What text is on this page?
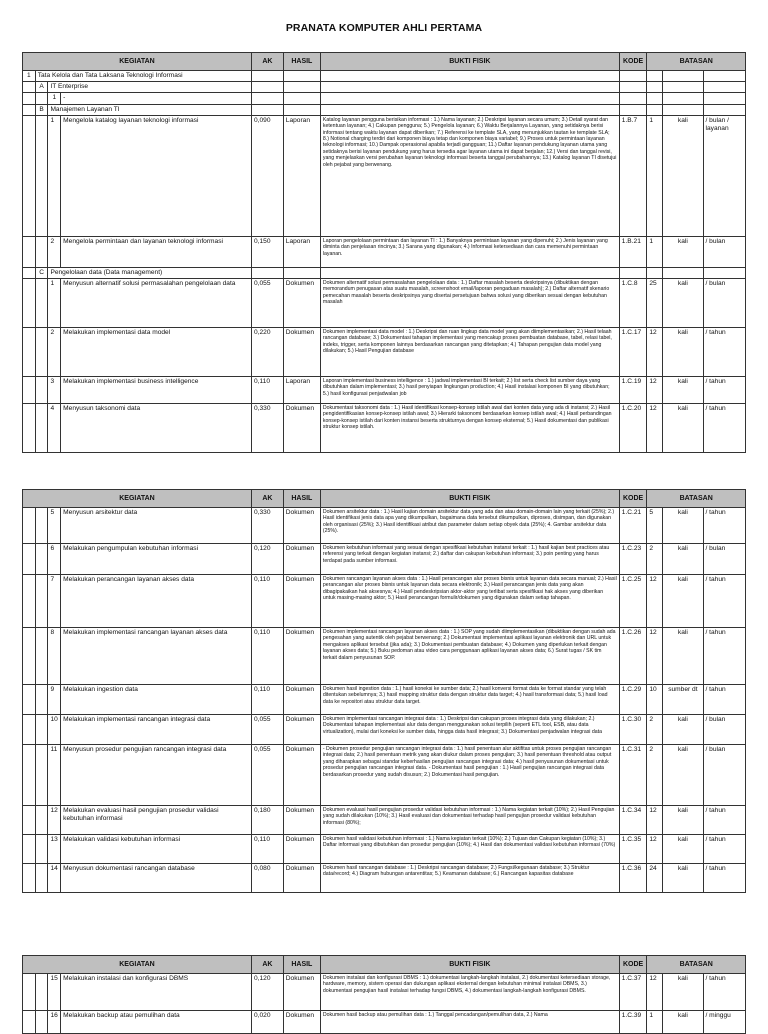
PRANATA KOMPUTER AHLI PERTAMA
KEGIATAN				AK	HASIL	BUKTI FISIK	KODE	BATASAN		
1	Tata Kelola dan Tata Laksana Teknologi Informasi									
	A	IT Enterprise								
		1	-							
	B	Manajemen Layanan TI								
		1	Mengelola katalog layanan teknologi informasi	0,090	Laporan	Katalog layanan pengguna berisikan informasi : 1.) Nama layanan; 2.) Deskripsi layanan secara umum; 3.) Detail syarat dan ketentuan layanan; 4.) Cakupan pengguna; 5.) Pengelola layanan; 6.) Waktu Berjalannya Layanan, yang setidaknya berisi informasi tentang waktu layanan dapat diberikan; 7.) Referensi ke template SLA, yang menunjukkan tautan ke template SLA; 8.) Notional charging terdiri dari komponen biaya tetap dan komponen biaya variabel; 9.) Proses untuk permintaan layanan teknologi informasi; 10.) Dampak operasional apabila terjadi gangguan; 11.) Daftar layanan pendukung layanan utama yang setidaknya berisi layanan pendukung yang harus tersedia agar layanan utama ini dapat berjalan; 12.) Versi dan tanggal revisi, yang menjelaskan versi perubahan layanan teknologi informasi beserta tanggal perubahannya; 13.) Katalog layanan TI disetujui oleh pejabat yang berwenang.	1.B.7	1	kali	/ bulan / layanan
		2	Mengelola permintaan dan layanan teknologi informasi	0,150	Laporan	Laporan pengelolaan permintaan dan layanan TI : 1.) Banyaknya permintaan layanan yang dipenuhi; 2.) Jenis layanan yang diminta dan penjelasan rincinya; 3.) Sarana yang digunakan; 4.) Informasi ketersediaan dan cara memenuhi permintaan layanan.	1.B.21	1	kali	/ bulan
	C	Pengelolaan data (Data management)								
		1	Menyusun alternatif solusi permasalahan pengelolaan data	0,055	Dokumen	Dokumen alternatif solusi permasalahan pengelolaan data : 1.) Daftar masalah beserta deskripsinya (dibuktikan dengan memorandum penugasan atas suatu masalah, screenshoot email/laporan pengaduan masalah); 2.) Daftar alternatif skenario pemecahan masalah beserta deskripsinya yang disertai persetujuan bahwa solusi yang diberikan sesuai dengan kebutuhan masalah	1.C.8	25	kali	/ bulan
		2	Melakukan implementasi data model	0,220	Dokumen	Dokumen implementasi data model : 1.) Deskripsi dan ruan lingkup data model yang akan diimplementasikan; 2.) Hasil telaah rancangan database; 3.) Dokumentasi tahapan implementasi yang mencakup proses pembuatan database, tabel, relasi tabel, indeks, trigger, serta komponen lainnya berdasarkan rancangan yang ditetapkan; 4.) Tahapan pengujian data model yang dilakukan; 5.) Hasil Pengujian database	1.C.17	12	kali	/ tahun
		3	Melakukan implementasi business intelligence	0,110	Laporan	Laporan implementasi business intelligence : 1.) jadwal implementasi BI terkait; 2.) list serta check list sumber daya yang dibutuhkan dalam implementasi; 3.) hasil penyiapan lingkungan production; 4.) Hasil instalasi komponen BI yang dibutuhkan; 5.) hasil konfigurasi penjadwalan job	1.C.19	12	kali	/ tahun
		4	Menyusun taksonomi data	0,330	Dokumen	Dokumentasi taksonomi data : 1.) Hasil identifikasi konsep-konsep istilah awal dari konten data yang ada di instansi; 2.) Hasil pengidentifikasian konsep-konsep istilah awal; 3.) Hierarki taksonomi berdasarkan konsep istilah awal; 4.) Hasil perbandingan konsep-konsep istilah dari konten instansi beserta strukturnya dengan konsep eksternal; 5.) Hasil dokumentasi dan publikasi struktur konsep istilah.	1.C.20	12	kali	/ tahun
KEGIATAN				AK	HASIL	BUKTI FISIK	KODE	BATASAN		
		5	Menyusun arsitektur data	0,330	Dokumen	Dokumen arsitektur data : 1.) Hasil kajian domain arsitektur data yang ada dan atau domain-domain lain yang terkait (25%); 2.) Hasil identifikasi jenis data apa yang dikumpulkan, bagaimana data tersebut dikumpulkan, diproses, disimpan, dan digunakan oleh organisasi (25%); 3.) Hasil identifikasi atribut dan parameter dalam setiap obyek data (25%); 4. Gambar arsitektur data (25%).	1.C.21	5	kali	/ tahun
		6	Melakukan pengumpulan kebutuhan informasi	0,120	Dokumen	Dokumen kebutuhan informasi yang sesuai dengan spesifikasi kebutuhan instansi terkait : 1.) hasil kajian best practices atau referensi yang terkait dengan kegiatan instansi; 2.) daftar dan cakupan kebutuhan informasi; 3.) poin penting yang harus terdapat pada sumber informasi.	1.C.23	2	kali	/ bulan
		7	Melakukan perancangan layanan akses data	0,110	Dokumen	Dokumen rancangan layanan akses data : 1.) Hasil perancangan alur proses bisnis untuk layanan data secara manual; 2.) Hasil perancangan alur proses bisnis untuk layanan data secara elektronik; 3.) Hasil perancangan jenis data yang akan dibagipakaikan hak aksesnya; 4.) Hasil pendeskripsian aktor-aktor yang terlibat serta spesifikasi hak akses yang diberikan untuk masing-masing aktor; 5.) Hasil perancangan formulir/dokumen yang digunakan dalam setiap tahapan.	1.C.25	12	kali	/ tahun
		8	Melakukan implementasi rancangan layanan akses data	0,110	Dokumen	Dokumen implementasi rancangan layanan akses data : 1.) SOP yang sudah diimplementasikan (dibuktikan dengan sudah ada pengesahan yang autentik oleh pejabat berwenang; 2.) Dokumentasi implementasi aplikasi layanan elektronik dan URL untuk mengakses aplikasi tersebut (jika ada); 3.) Dokumentasi pembuatan database; 4.) Dokumen yang diperlukan terkait dengan layanan akses data; 5.) Buku pedoman atau video cara penggunaan aplikasi layanan akses data; 6.) Surat tugas / SK tim terkait dalam penyusunan SOP.	1.C.26	12	kali	/ tahun
		9	Melakukan ingestion data	0,110	Dokumen	Dokumen hasil ingestion data : 1.) hasil koneksi ke sumber data; 2.) hasil konversi format data ke format standar yang telah ditentukan sebelumnya; 3.) hasil mapping struktur data dengan struktur data target; 4.) hasil transformasi data; 5.) hasil load data ke repositori atau struktur data target.	1.C.29	10	sumber dt	/ tahun
		10	Melakukan implementasi rancangan integrasi data	0,055	Dokumen	Dokumen implementasi rancangan integrasi data : 1.) Deskripsi dan cakupan proses integrasi data yang dilakukan; 2.) Dokumentasi tahapan implementasi alur data dengan menggunakan solusi terpilih (seperti ETL tool, ESB, atau data virtualization), mulai dari koneksi ke sumber data, hingga data hasil integrasi; 3.) Dokumentasi penjadwalan integrasi data	1.C.30	2	kali	/ bulan
		11	Menyusun prosedur pengujian rancangan integrasi data	0,055	Dokumen	- Dokumen prosedur pengujian rancangan integrasi data : 1.) hasil penentuan alur aktifitas untuk proses pengujian rancangan integrasi data; 2.) hasil penentuan metrik yang akan diukur dalam proses pengujian; 3.) hasil penentuan threshold atau output yang diharapkan sebagai standar keberhasilan pengujian rancangan integrasi data; 4.) hasil penyusunan dokumentasi untuk prosedur pengujian rancangan integrasi data. - Dokumentasi hasil pengujian : 1.) Hasil pengujian rancangan integrasi data berdasarkan prosedur yang sudah disusun; 2.) Dokumentasi hasil pengujian.	1.C.31	2	kali	/ bulan
		12	Melakukan evaluasi hasil pengujian prosedur validasi kebutuhan informasi	0,180	Dokumen	Dokumen evaluasi hasil pengujian prosedur validasi kebutuhan informasi : 1.) Nama kegiatan terkait (10%); 2.) Hasil Pengujian yang sudah dilakukan (10%); 3.) Hasil evaluasi dan dokumentasi terhadap hasil pengujian prosedur validasi kebutuhan informasi (80%);	1.C.34	12	kali	/ tahun
		13	Melakukan validasi kebutuhan informasi	0,110	Dokumen	Dokumen hasil validasi kebutuhan informasi : 1.) Nama kegiatan terkait (10%); 2.) Tujuan dan Cakupan kegiatan (10%); 3.) Daftar informasi yang dibutuhkan dan prosedur pengujian (10%); 4.) Hasil dan dokumentasi validasi kebutuhan informasi (70%)	1.C.35	12	kali	/ tahun
		14	Menyusun dokumentasi rancangan database	0,080	Dokumen	Dokumen hasil rancangan database : 1.) Deskripsi rancangan database; 2.) Fungsi/kegunaan database; 3.) Struktur data/record; 4.) Diagram hubungan antarentitas; 5.) Keamanan database; 6.) Rancangan kapasitas database	1.C.36	24	kali	/ tahun
KEGIATAN				AK	HASIL	BUKTI FISIK	KODE	BATASAN		
		15	Melakukan instalasi dan konfigurasi DBMS	0,120	Dokumen	Dokumen instalasi dan konfigurasi DBMS : 1.) dokumentasi langkah-langkah instalasi, 2.) dokumentasi ketersediaan storage, hardware, memory, sistem operasi dan dukungan aplikasi eksternal dengan kebutuhan minimal instalasi DBMS, 3.) dokumentasi pengujian hasil instalasi terhadap fungsi DBMS, 4.) dokumentasi langkah-langkah konfigurasi DBMS.	1.C.37	12	kali	/ tahun
		16	Melakukan backup atau pemulihan data	0,020	Dokumen	Dokumen hasil backup atau pemulihan data : 1.) Tanggal pencadangan/pemulihan data, 2.) Nama	1.C.39	1	kali	/ minggu
